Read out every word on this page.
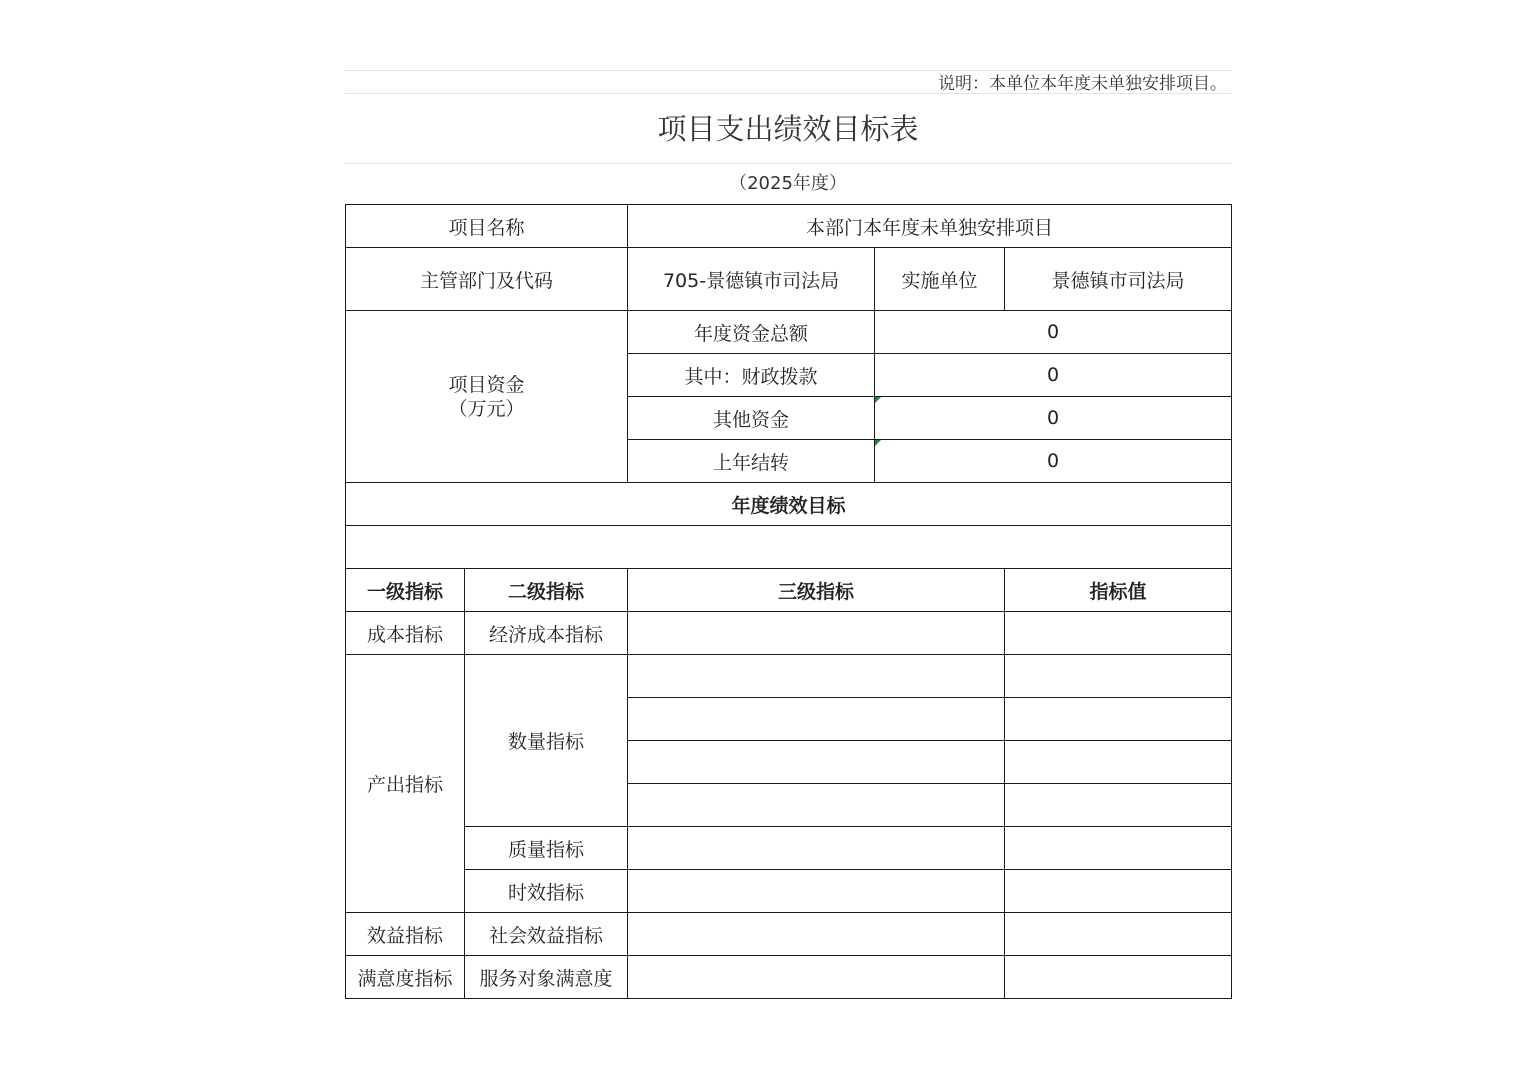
说明：本单位本年度未单独安排项目。
项目支出绩效目标表
（2025年度）
项目名称		本部门本年度未单独安排项目		
主管部门及代码		705-景德镇市司法局	实施单位	景德镇市司法局

项目资金
（万元）		年度资金总额	0	
		其中：财政拨款	0	
		其他资金	0	
		上年结转	0	
年度绩效目标				

一级指标	二级指标	三级指标		指标值
成本指标	经济成本指标			
产出指标	数量指标			

	质量指标			
	时效指标			
效益指标	社会效益指标			
满意度指标	服务对象满意度			
